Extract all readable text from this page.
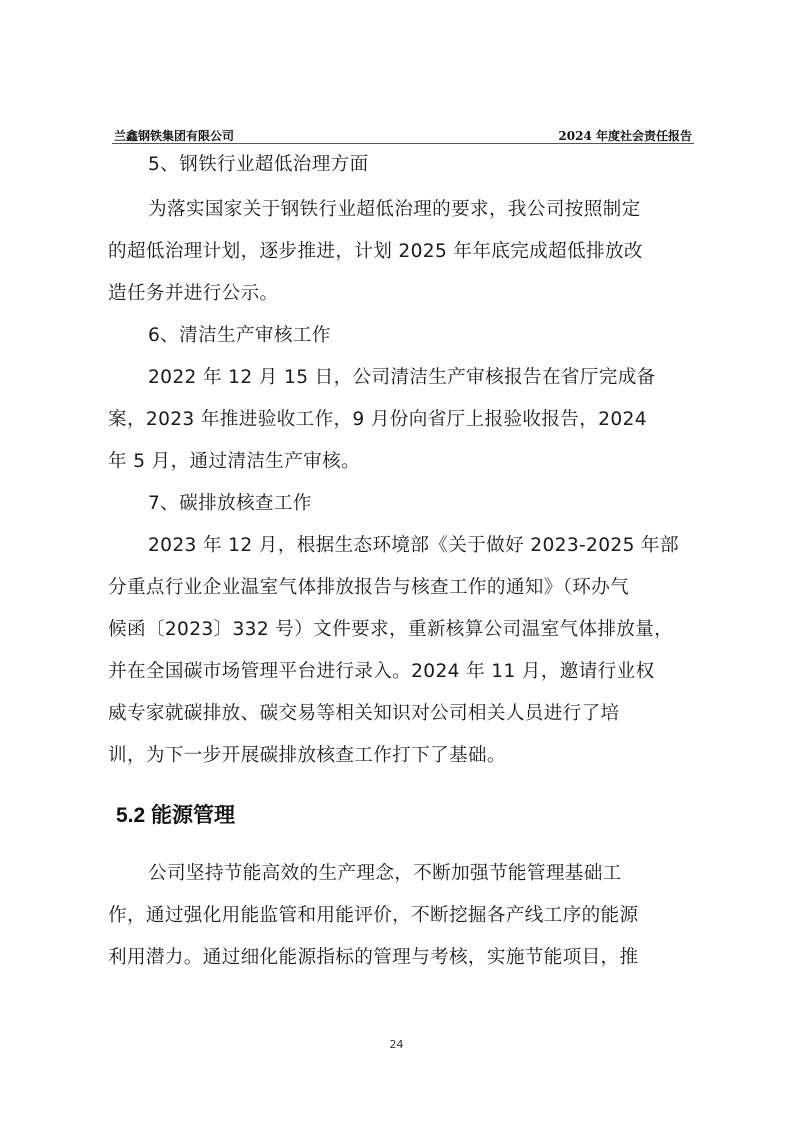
兰鑫钢铁集团有限公司	2024 年度社会责任报告
5、钢铁行业超低治理方面
为落实国家关于钢铁行业超低治理的要求，我公司按照制定
的超低治理计划，逐步推进，计划 2025 年年底完成超低排放改
造任务并进行公示。
6、清洁生产审核工作
2022 年 12 月 15 日，公司清洁生产审核报告在省厅完成备
案，2023 年推进验收工作，9 月份向省厅上报验收报告，2024
年 5 月，通过清洁生产审核。
7、碳排放核查工作
2023 年 12 月，根据生态环境部《关于做好 2023-2025 年部
分重点行业企业温室气体排放报告与核查工作的通知》（环办气
候函〔2023〕332 号）文件要求，重新核算公司温室气体排放量，
并在全国碳市场管理平台进行录入。2024 年 11 月，邀请行业权
威专家就碳排放、碳交易等相关知识对公司相关人员进行了培
训，为下一步开展碳排放核查工作打下了基础。
5.2 能源管理
公司坚持节能高效的生产理念，不断加强节能管理基础工
作，通过强化用能监管和用能评价，不断挖掘各产线工序的能源
利用潜力。通过细化能源指标的管理与考核，实施节能项目，推
24
